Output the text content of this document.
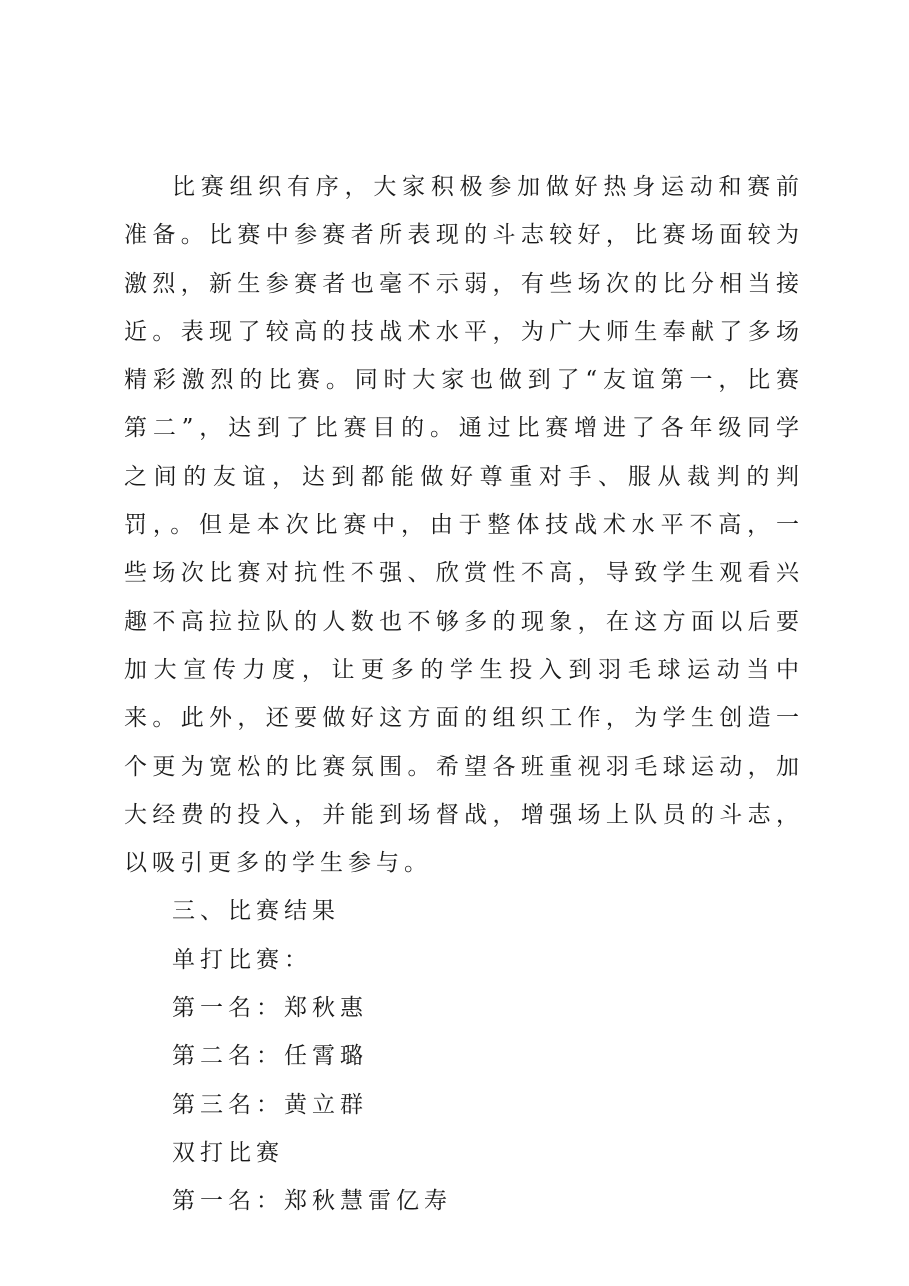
比赛组织有序，大家积极参加做好热身运动和赛前准备。比赛中参赛者所表现的斗志较好，比赛场面较为激烈，新生参赛者也毫不示弱，有些场次的比分相当接近。表现了较高的技战术水平，为广大师生奉献了多场精彩激烈的比赛。同时大家也做到了“友谊第一，比赛第二”，达到了比赛目的。通过比赛增进了各年级同学之间的友谊，达到都能做好尊重对手、服从裁判的判罚，。但是本次比赛中，由于整体技战术水平不高，一些场次比赛对抗性不强、欣赏性不高，导致学生观看兴趣不高拉拉队的人数也不够多的现象，在这方面以后要加大宣传力度，让更多的学生投入到羽毛球运动当中来。此外，还要做好这方面的组织工作，为学生创造一个更为宽松的比赛氛围。希望各班重视羽毛球运动，加大经费的投入，并能到场督战，增强场上队员的斗志，以吸引更多的学生参与。

三、比赛结果

单打比赛：

第一名：郑秋惠

第二名：任霄璐

第三名：黄立群

双打比赛

第一名：郑秋慧雷亿寿
